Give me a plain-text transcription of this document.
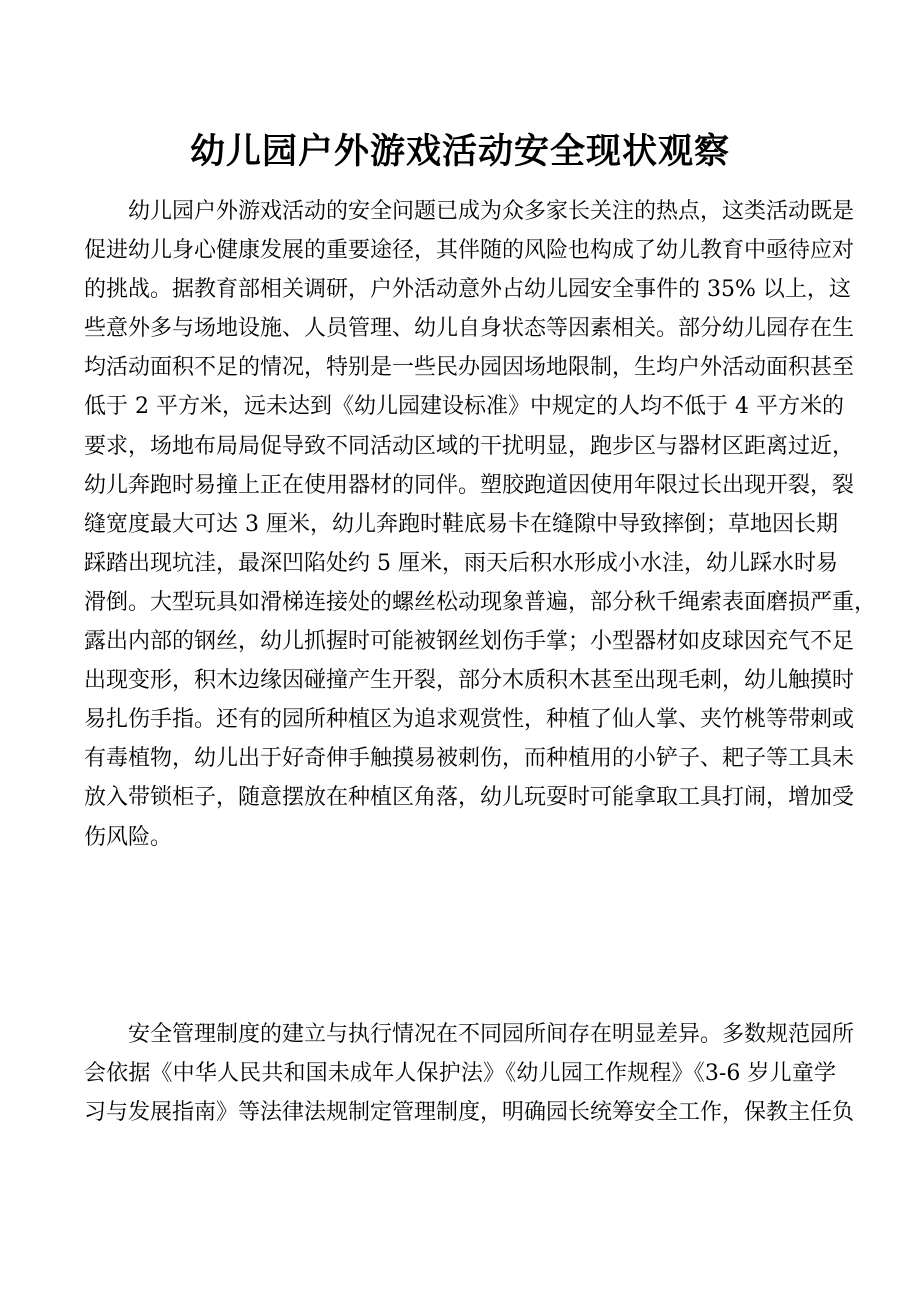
幼儿园户外游戏活动安全现状观察
幼儿园户外游戏活动的安全问题已成为众多家长关注的热点，这类活动既是
促进幼儿身心健康发展的重要途径，其伴随的风险也构成了幼儿教育中亟待应对
的挑战。据教育部相关调研，户外活动意外占幼儿园安全事件的 35% 以上，这
些意外多与场地设施、人员管理、幼儿自身状态等因素相关。部分幼儿园存在生
均活动面积不足的情况，特别是一些民办园因场地限制，生均户外活动面积甚至
低于 2 平方米，远未达到《幼儿园建设标准》中规定的人均不低于 4 平方米的
要求，场地布局局促导致不同活动区域的干扰明显，跑步区与器材区距离过近，
幼儿奔跑时易撞上正在使用器材的同伴。塑胶跑道因使用年限过长出现开裂，裂
缝宽度最大可达 3 厘米，幼儿奔跑时鞋底易卡在缝隙中导致摔倒；草地因长期
踩踏出现坑洼，最深凹陷处约 5 厘米，雨天后积水形成小水洼，幼儿踩水时易
滑倒。大型玩具如滑梯连接处的螺丝松动现象普遍，部分秋千绳索表面磨损严重，
露出内部的钢丝，幼儿抓握时可能被钢丝划伤手掌；小型器材如皮球因充气不足
出现变形，积木边缘因碰撞产生开裂，部分木质积木甚至出现毛刺，幼儿触摸时
易扎伤手指。还有的园所种植区为追求观赏性，种植了仙人掌、夹竹桃等带刺或
有毒植物，幼儿出于好奇伸手触摸易被刺伤，而种植用的小铲子、耙子等工具未
放入带锁柜子，随意摆放在种植区角落，幼儿玩耍时可能拿取工具打闹，增加受
伤风险。
安全管理制度的建立与执行情况在不同园所间存在明显差异。多数规范园所
会依据《中华人民共和国未成年人保护法》《幼儿园工作规程》《3-6 岁儿童学
习与发展指南》等法律法规制定管理制度，明确园长统筹安全工作，保教主任负
